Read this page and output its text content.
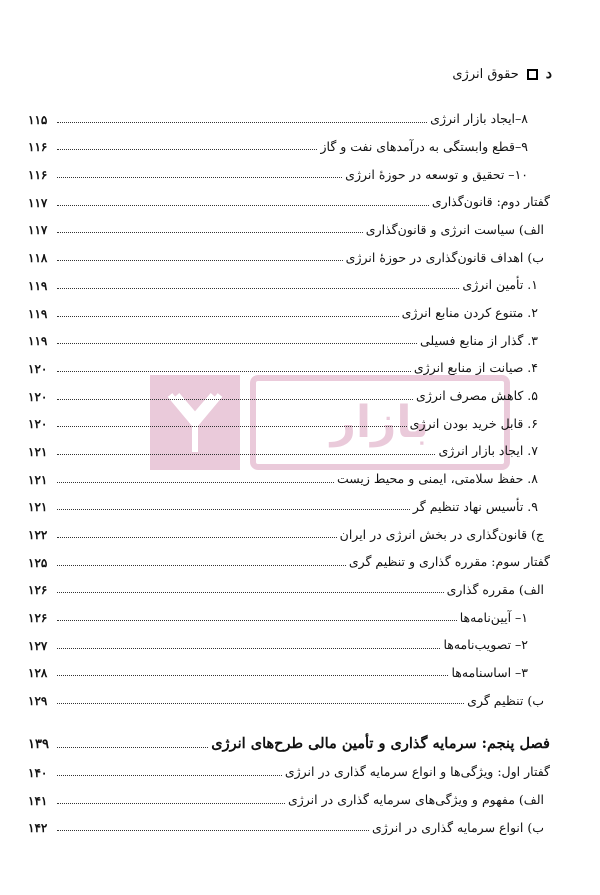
د
حقوق انرژی
بازار
۸–ایجاد بازار انرژی
۱۱۵
۹–قطع وابستگی به درآمدهای نفت و گاز
۱۱۶
۱۰– تحقیق و توسعه در حوزهٔ انرژی
۱۱۶
گفتار دوم: قانون‌گذاری
۱۱۷
الف) سیاست انرژی و قانون‌گذاری
۱۱۷
ب) اهداف قانون‌گذاری در حوزهٔ انرژی
۱۱۸
۱. تأمین انرژی
۱۱۹
۲. متنوع کردن منابع انرژی
۱۱۹
۳. گذار از منابع فسیلی
۱۱۹
۴. صیانت از منابع انرژی
۱۲۰
۵. کاهش مصرف انرژی
۱۲۰
۶. قابل خرید بودن انرژی
۱۲۰
۷. ایجاد بازار انرژی
۱۲۱
۸. حفظ سلامتی، ایمنی و محیط زیست
۱۲۱
۹. تأسیس نهاد تنظیم گر
۱۲۱
ج) قانون‌گذاری در بخش انرژی در ایران
۱۲۲
گفتار سوم: مقرره گذاری و تنظیم گری
۱۲۵
الف) مقرره گذاری
۱۲۶
۱– آیین‌نامه‌ها
۱۲۶
۲– تصویب‌نامه‌ها
۱۲۷
۳– اساسنامه‌ها
۱۲۸
ب) تنظیم گری
۱۲۹
فصل پنجم: سرمایه گذاری و تأمین مالی طرح‌های انرژی
۱۳۹
گفتار اول: ویژگی‌ها و انواع سرمایه گذاری در انرژی
۱۴۰
الف) مفهوم و ویژگی‌های سرمایه گذاری در انرژی
۱۴۱
ب) انواع سرمایه گذاری در انرژی
۱۴۲
